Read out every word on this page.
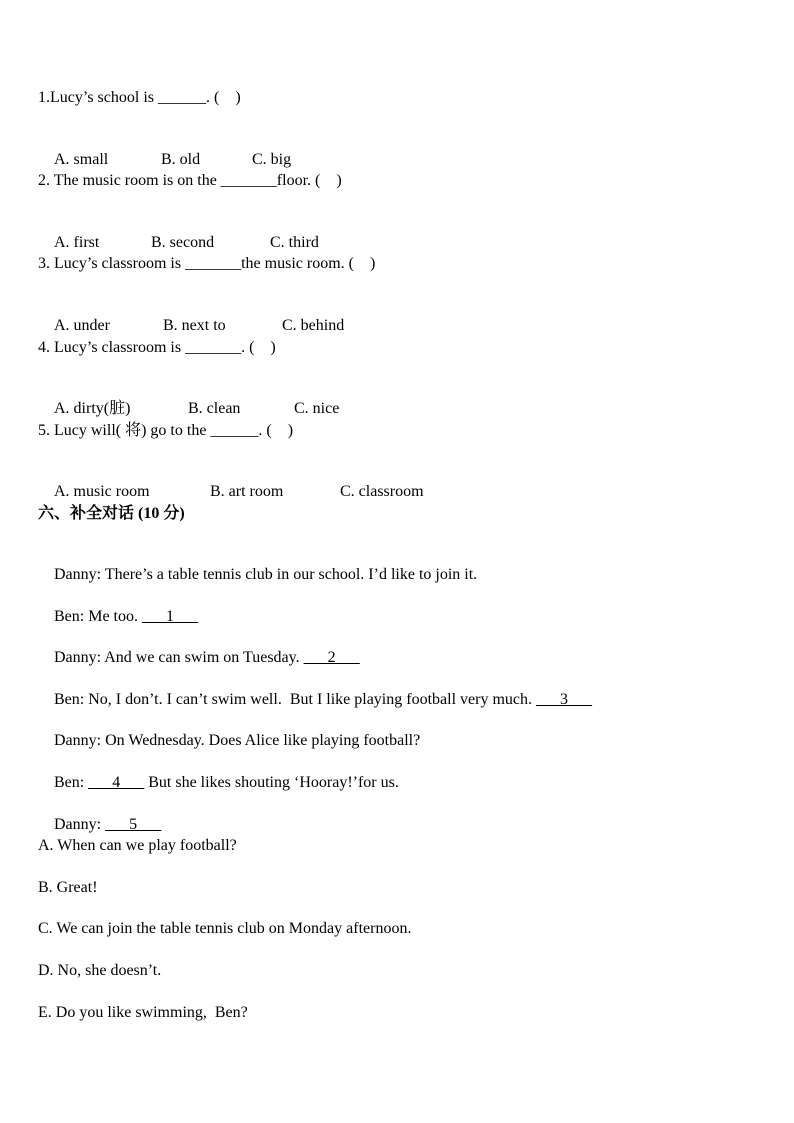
1.Lucy’s school is ______. (    )

A. small	B. old	C. big

2. The music room is on the _______floor. (    )

A. first	B. second	C. third

3. Lucy’s classroom is _______the music room. (    )

A. under	B. next to	C. behind

4. Lucy’s classroom is _______. (    )

A. dirty(脏)	B. clean	C. nice

5. Lucy will( 将) go to the ______. (    )

A. music room	B. art room	C. classroom

六、补全对话 (10 分)

Danny: There’s a table tennis club in our school. I’d like to join it.

Ben: Me too. ___1___

Danny: And we can swim on Tuesday. ___2___

Ben: No, I don’t. I can’t swim well.  But I like playing football very much. ___3___

Danny: On Wednesday. Does Alice like playing football?

Ben: ___4___ But she likes shouting ‘Hooray!’for us.

Danny: ___5___

A. When can we play football?
B. Great!
C. We can join the table tennis club on Monday afternoon.
D. No, she doesn’t.
E. Do you like swimming,  Ben?
